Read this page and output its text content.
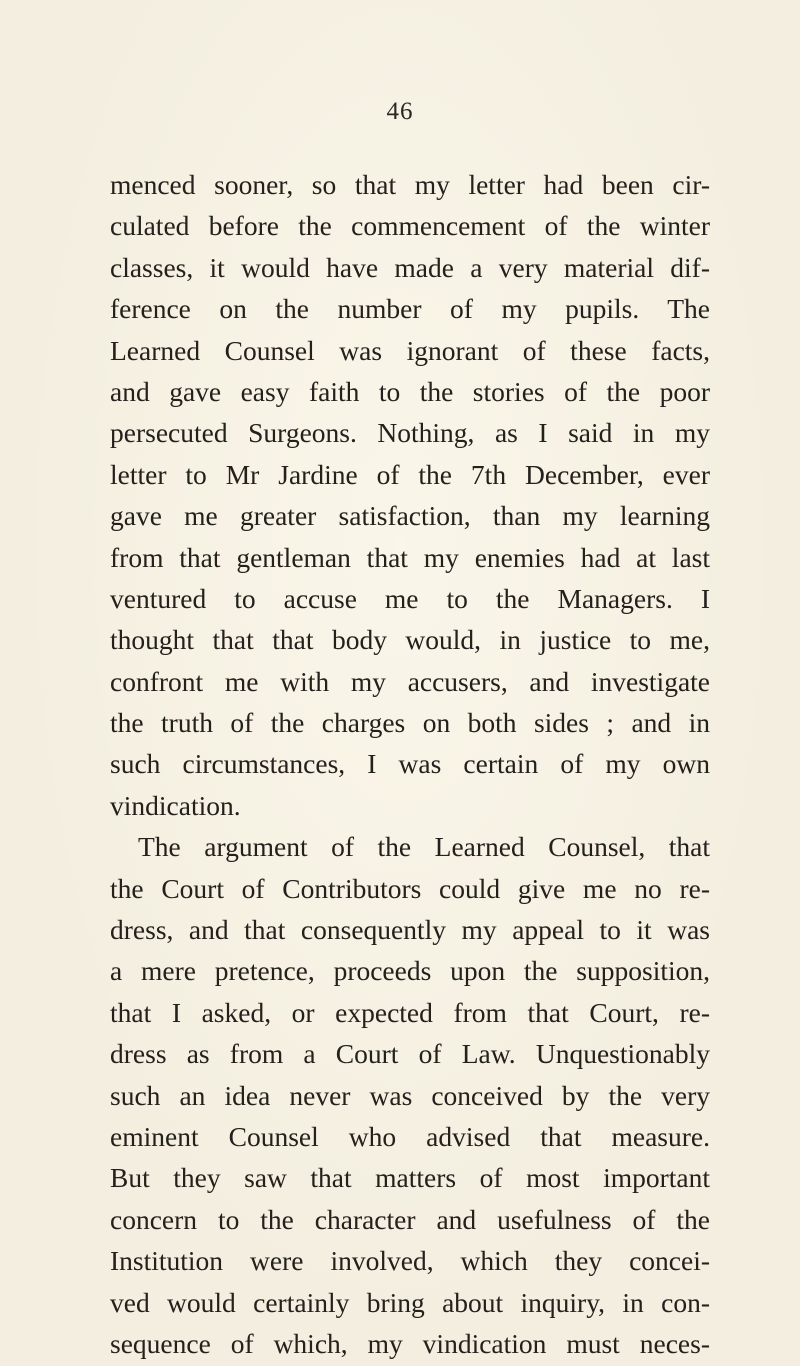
46
menced sooner, so that my letter had been cir-
culated before the commencement of the winter
classes, it would have made a very material dif-
ference on the number of my pupils. The
Learned Counsel was ignorant of these facts,
and gave easy faith to the stories of the poor
persecuted Surgeons. Nothing, as I said in my
letter to Mr Jardine of the 7th December, ever
gave me greater satisfaction, than my learning
from that gentleman that my enemies had at last
ventured to accuse me to the Managers. I
thought that that body would, in justice to me,
confront me with my accusers, and investigate
the truth of the charges on both sides ; and in
such circumstances, I was certain of my own
vindication.
The argument of the Learned Counsel, that
the Court of Contributors could give me no re-
dress, and that consequently my appeal to it was
a mere pretence, proceeds upon the supposition,
that I asked, or expected from that Court, re-
dress as from a Court of Law. Unquestionably
such an idea never was conceived by the very
eminent Counsel who advised that measure.
But they saw that matters of most important
concern to the character and usefulness of the
Institution were involved, which they concei-
ved would certainly bring about inquiry, in con-
sequence of which, my vindication must neces-
